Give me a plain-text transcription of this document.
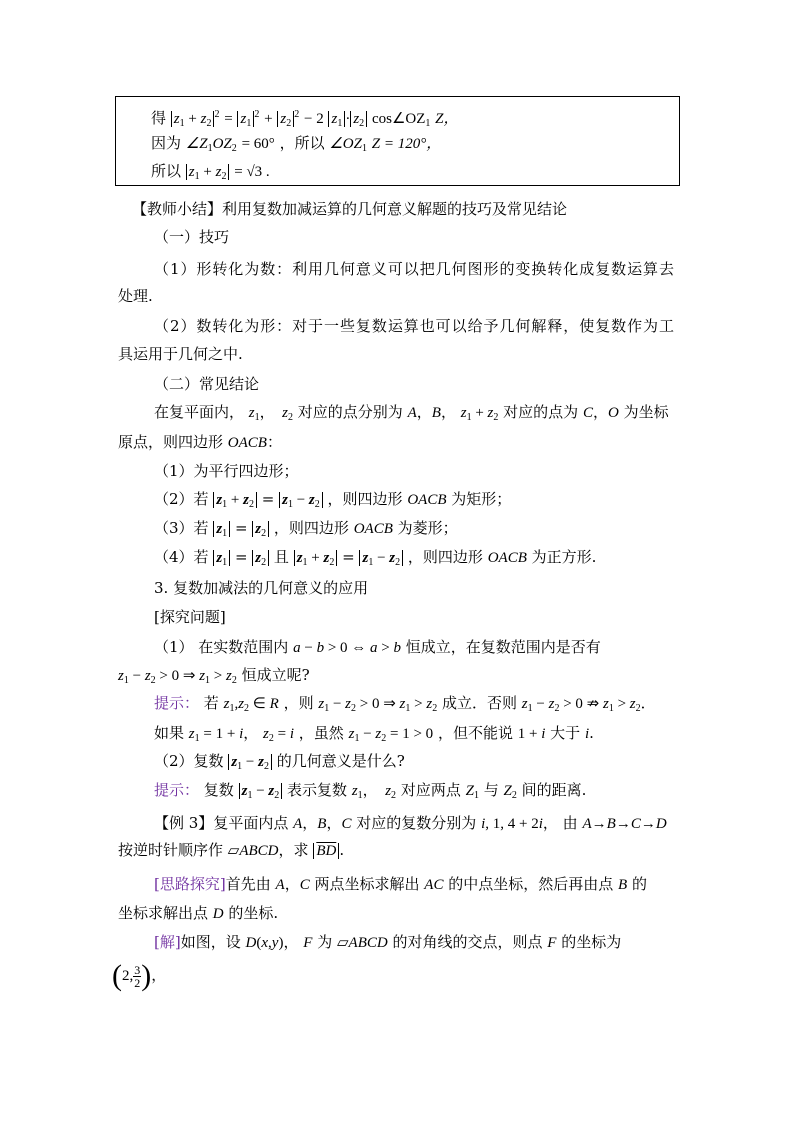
得 $z_1 + z_2^2 = z_1^2 + z_2^2 - 2$ $z_1 \cdot z_2$ $\cos\angle OZ_1$ Z，
因为 $\angle Z_1OZ_2 = 60^\circ$ ，所以 $\angle OZ_1$ Z = 120°，
所以 $z_1 + z_2 = √3$ .
【教师小结】利用复数加减运算的几何意义解题的技巧及常见结论
（一）技巧
（1）形转化为数：利用几何意义可以把几何图形的变换转化成复数运算去
处理.
（2）数转化为形：对于一些复数运算也可以给予几何解释，使复数作为工
具运用于几何之中.
（二）常见结论
在复平面内， $z_1$，  $z_2$ 对应的点分别为 A，B， $z_1 + z_2$ 对应的点为 C，O 为坐标
原点，则四边形 OACB：
（1）为平行四边形；
（2）若 $z_1 + z_2 = z_1 - z_2$ ，则四边形 OACB 为矩形；
（3）若 $z_1 = z_2$ ，则四边形 OACB 为菱形；
（4）若 $z_1 = z_2$ 且 $z_1 + z_2 = z_1 - z_2$ ，则四边形 OACB 为正方形.
3. 复数加减法的几何意义的应用
[探究问题]
（1） 在实数范围内 a − b > 0 ⇔ a > b 恒成立，在复数范围内是否有
$z_1 - z_2 > 0$ ⇒ $z_1 > z_2$ 恒成立呢?
提示： 若 $z_1,z_2$ ∈ R ，则 $z_1 - z_2 > 0$ ⇒ $z_1 > z_2$ 成立．否则 $z_1 - z_2 > 0$ ⇏ $z_1 > z_2$．
如果 $z_1 = 1 + i$， $z_2 = i$ ，虽然 $z_1 - z_2 = 1 > 0$ ，但不能说 1 + i 大于 i.
（2）复数 $z_1 - z_2$ 的几何意义是什么?
提示： 复数 $z_1 - z_2$ 表示复数 $z_1$，  $z_2$ 对应两点 $Z_1$ 与 $Z_2$ 间的距离.
【例 3】复平面内点 A，B，C 对应的复数分别为 i, 1, 4 + 2i， 由 A→B→C→D
按逆时针顺序作 ▱ABCD，求 $\overline{BD}$ .
[思路探究]首先由 A，C 两点坐标求解出 AC 的中点坐标，然后再由点 B 的
坐标求解出点 D 的坐标.
[解]如图，设 D(x,y)， F 为 ▱ABCD 的对角线的交点，则点 F 的坐标为
(2, $\frac{3}{2}$ )，
